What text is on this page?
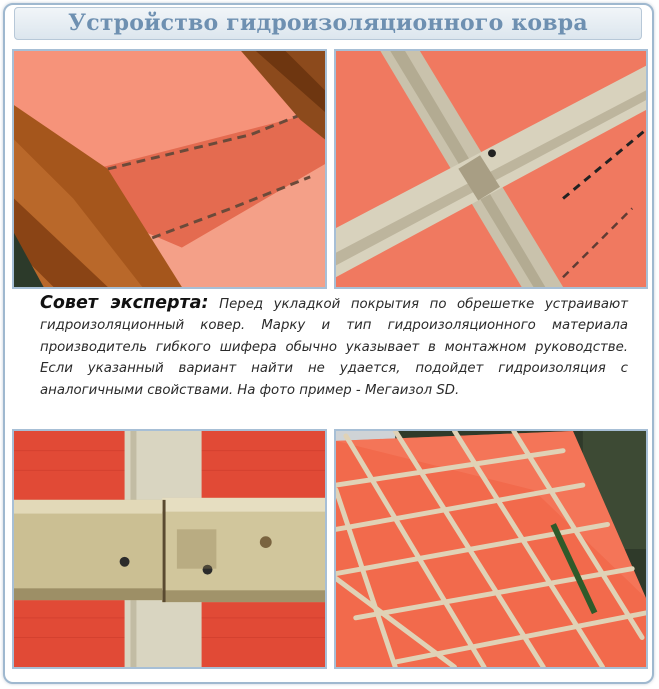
Устройство гидроизоляционного ковра

Совет эксперта: Перед укладкой покрытия по обрешетке устраивают гидроизоляционный ковер. Марку и тип гидроизоляционного материала производитель гибкого шифера обычно указывает в монтажном руководстве. Если указанный вариант найти не удается, подойдет гидроизоляция с аналогичными свойствами. На фото пример - Мегаизол SD.
